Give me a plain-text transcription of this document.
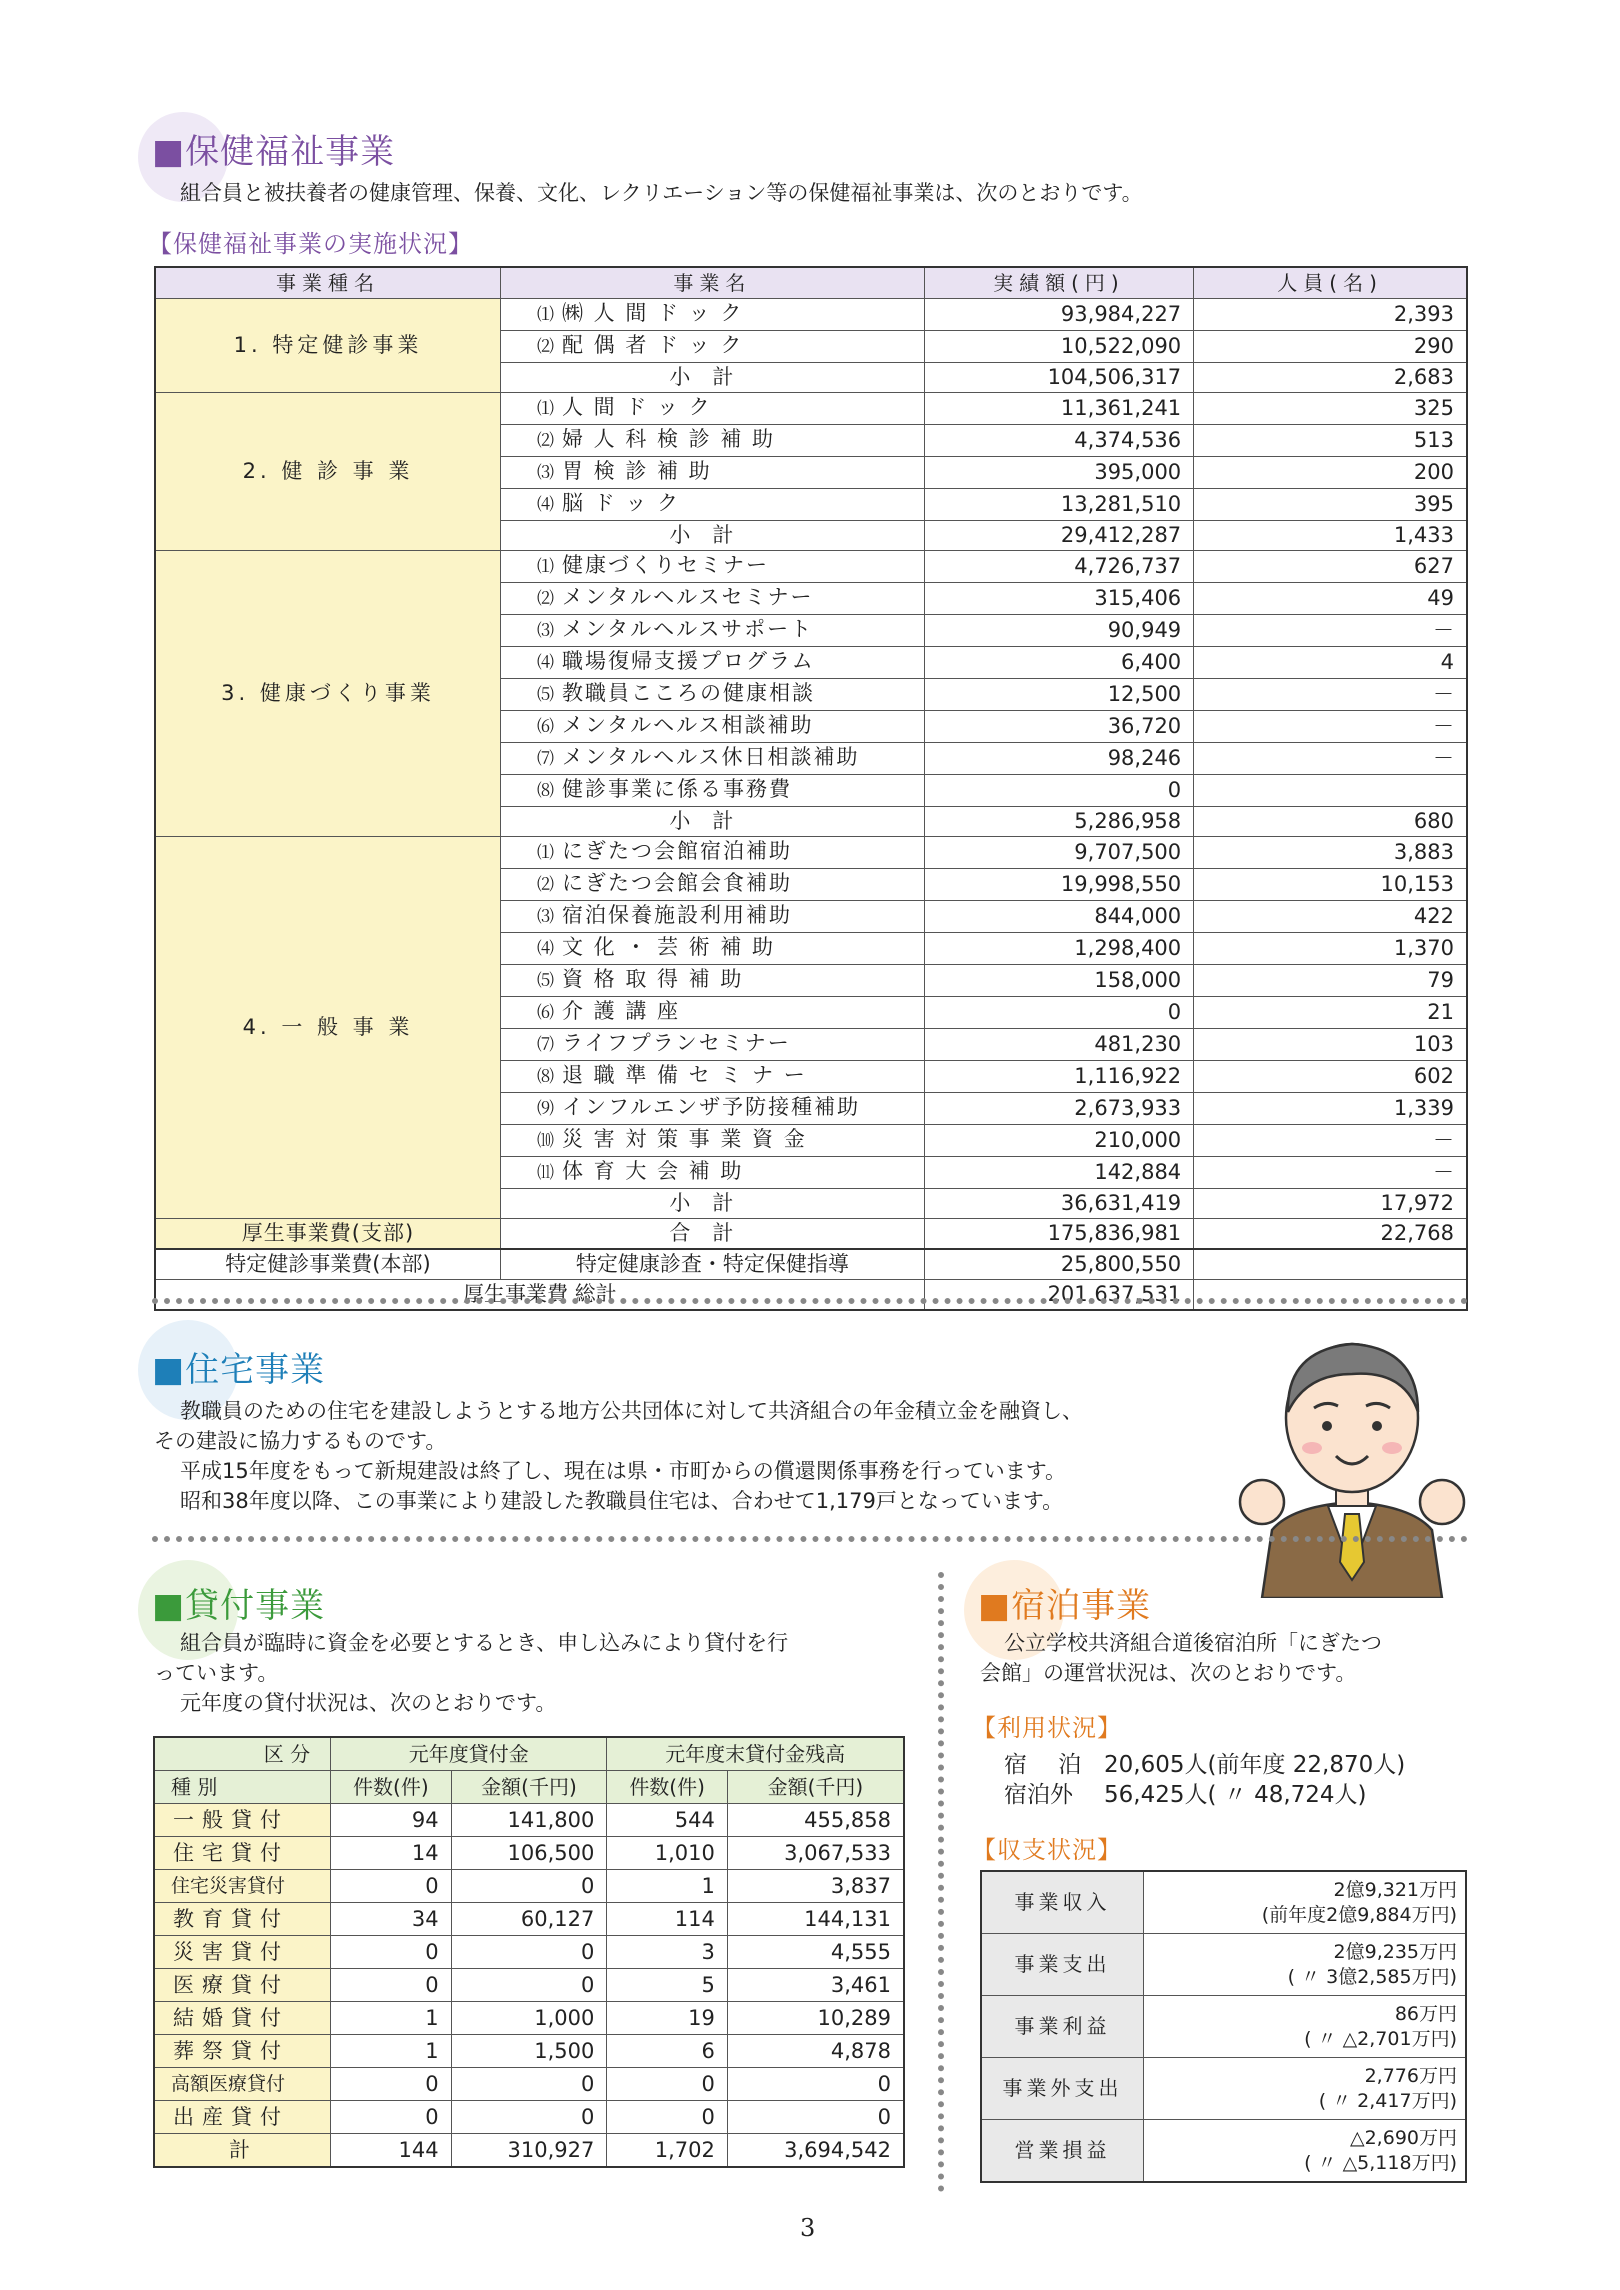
■保健福祉事業
組合員と被扶養者の健康管理、保養、文化、レクリエーション等の保健福祉事業は、次のとおりです。
【保健福祉事業の実施状況】
事業種名	事業名	実績額(円)	人員(名)
1. 特定健診事業	⑴ ㈱ 人 間 ド ッ ク	93,984,227	2,393
	⑵ 配 偶 者 ド ッ ク	10,522,090	290
	小計	104,506,317	2,683
2. 健 診 事 業	⑴ 人 間 ド ッ ク	11,361,241	325
	⑵ 婦 人 科 検 診 補 助	4,374,536	513
	⑶ 胃 検 診 補 助	395,000	200
	⑷ 脳 ド ッ ク	13,281,510	395
	小計	29,412,287	1,433
3. 健康づくり事業	⑴ 健康づくりセミナー	4,726,737	627
	⑵ メンタルヘルスセミナー	315,406	49
	⑶ メンタルヘルスサポート	90,949	－
	⑷ 職場復帰支援プログラム	6,400	4
	⑸ 教職員こころの健康相談	12,500	－
	⑹ メンタルヘルス相談補助	36,720	－
	⑺ メンタルヘルス休日相談補助	98,246	－
	⑻ 健診事業に係る事務費	0	
	小計	5,286,958	680
4. 一 般 事 業	⑴ にぎたつ会館宿泊補助	9,707,500	3,883
	⑵ にぎたつ会館会食補助	19,998,550	10,153
	⑶ 宿泊保養施設利用補助	844,000	422
	⑷ 文 化 ・ 芸 術 補 助	1,298,400	1,370
	⑸ 資 格 取 得 補 助	158,000	79
	⑹ 介 護 講 座	0	21
	⑺ ライフプランセミナー	481,230	103
	⑻ 退 職 準 備 セ ミ ナ ー	1,116,922	602
	⑼ インフルエンザ予防接種補助	2,673,933	1,339
	⑽ 災 害 対 策 事 業 資 金	210,000	－
	⑾ 体 育 大 会 補 助	142,884	－
	小計	36,631,419	17,972
厚生事業費(支部)	合計	175,836,981	22,768
特定健診事業費(本部)	特定健康診査・特定保健指導	25,800,550	
厚生事業費 総計		201,637,531	
■住宅事業
教職員のための住宅を建設しようとする地方公共団体に対して共済組合の年金積立金を融資し、
その建設に協力するものです。
平成15年度をもって新規建設は終了し、現在は県・市町からの償還関係事務を行っています。
昭和38年度以降、この事業により建設した教職員住宅は、合わせて1,179戸となっています。
■貸付事業
組合員が臨時に資金を必要とするとき、申し込みにより貸付を行
っています。
元年度の貸付状況は、次のとおりです。
区 分	元年度貸付金		元年度末貸付金残高	
種 別	件数(件)	金額(千円)	件数(件)	金額(千円)
一般貸付	94	141,800	544	455,858
住宅貸付	14	106,500	1,010	3,067,533
住宅災害貸付	0	0	1	3,837
教育貸付	34	60,127	114	144,131
災害貸付	0	0	3	4,555
医療貸付	0	0	5	3,461
結婚貸付	1	1,000	19	10,289
葬祭貸付	1	1,500	6	4,878
高額医療貸付	0	0	0	0
出産貸付	0	0	0	0
計	144	310,927	1,702	3,694,542
■宿泊事業
公立学校共済組合道後宿泊所「にぎたつ
会館」の運営状況は、次のとおりです。
【利用状況】
宿 泊 20,605人(前年度 22,870人)
宿泊外 56,425人( 〃 48,724人)
【収支状況】
事業収入	2億9,321万円
(前年度2億9,884万円)

事業支出	2億9,235万円
( 〃 3億2,585万円)

事業利益	86万円
( 〃 △2,701万円)

事業外支出	2,776万円
( 〃 2,417万円)

営業損益	△2,690万円
( 〃 △5,118万円)
3
